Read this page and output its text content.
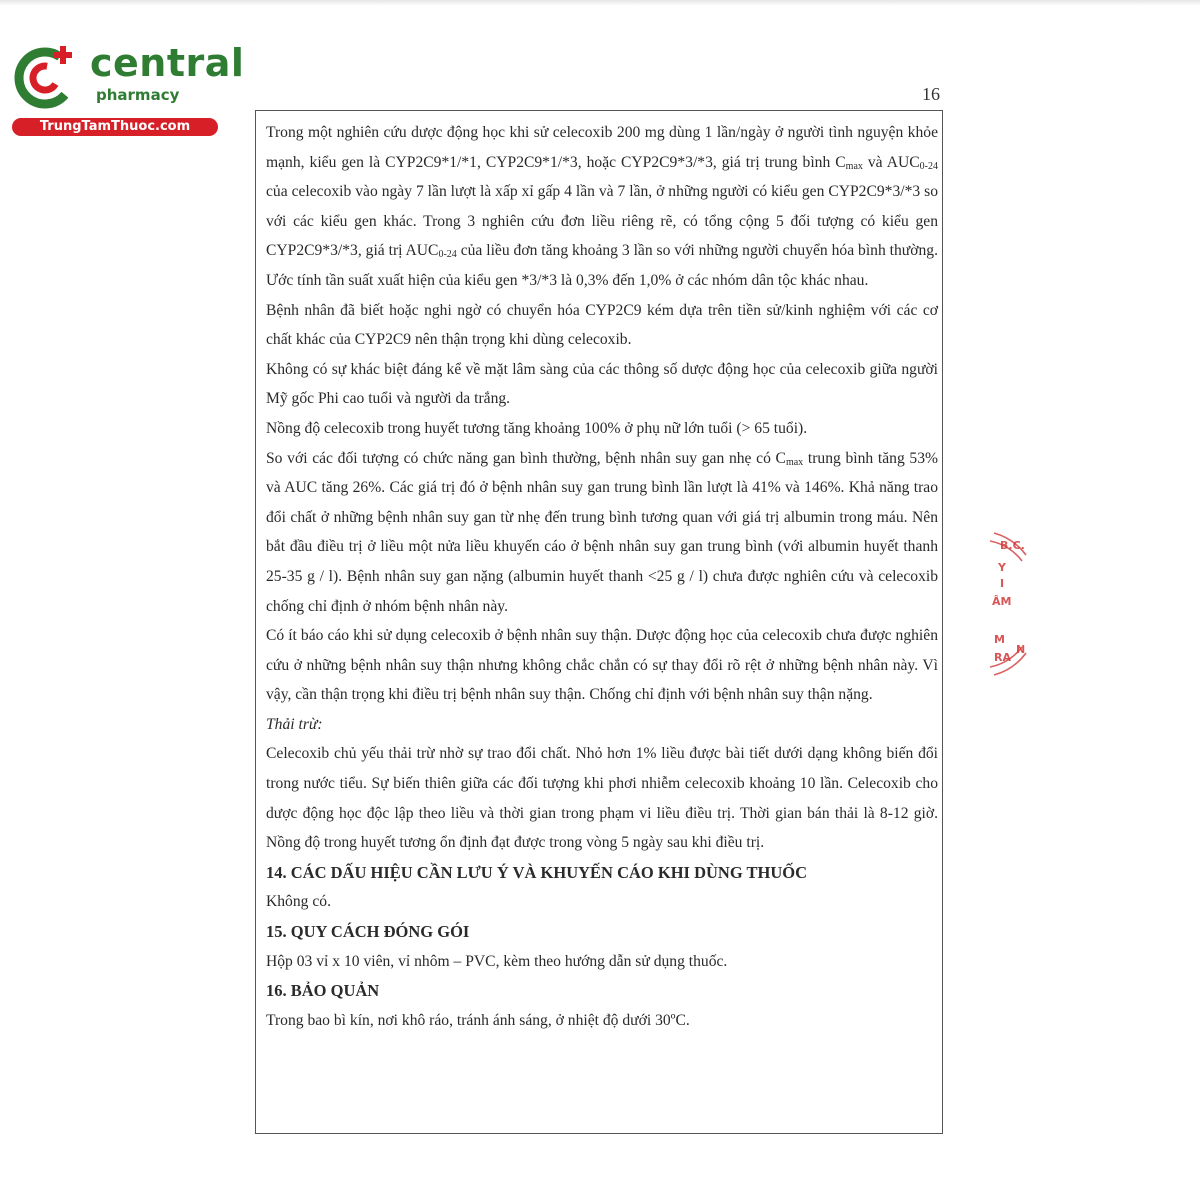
central
pharmacy
TrungTamThuoc.com
16

Trong một nghiên cứu dược động học khi sử celecoxib 200 mg dùng 1 lần/ngày ở người tình nguyện khỏe mạnh, kiểu gen là CYP2C9*1/*1, CYP2C9*1/*3, hoặc CYP2C9*3/*3, giá trị trung bình $C_{max}$ và $AUC_{0-24}$ của celecoxib vào ngày 7 lần lượt là xấp xỉ gấp 4 lần và 7 lần, ở những người có kiểu gen CYP2C9*3/*3 so với các kiểu gen khác. Trong 3 nghiên cứu đơn liều riêng rẽ, có tổng cộng 5 đối tượng có kiểu gen CYP2C9*3/*3, giá trị $AUC_{0-24}$ của liều đơn tăng khoảng 3 lần so với những người chuyển hóa bình thường. Ước tính tần suất xuất hiện của kiểu gen *3/*3 là 0,3% đến 1,0% ở các nhóm dân tộc khác nhau.

Bệnh nhân đã biết hoặc nghi ngờ có chuyển hóa CYP2C9 kém dựa trên tiền sử/kinh nghiệm với các cơ chất khác của CYP2C9 nên thận trọng khi dùng celecoxib.

Không có sự khác biệt đáng kể về mặt lâm sàng của các thông số dược động học của celecoxib giữa người Mỹ gốc Phi cao tuổi và người da trắng.

Nồng độ celecoxib trong huyết tương tăng khoảng 100% ở phụ nữ lớn tuổi (> 65 tuổi).

So với các đối tượng có chức năng gan bình thường, bệnh nhân suy gan nhẹ có $C_{max}$ trung bình tăng 53% và AUC tăng 26%. Các giá trị đó ở bệnh nhân suy gan trung bình lần lượt là 41% và 146%. Khả năng trao đổi chất ở những bệnh nhân suy gan từ nhẹ đến trung bình tương quan với giá trị albumin trong máu. Nên bắt đầu điều trị ở liều một nửa liều khuyến cáo ở bệnh nhân suy gan trung bình (với albumin huyết thanh 25-35 g / l). Bệnh nhân suy gan nặng (albumin huyết thanh <25 g / l) chưa được nghiên cứu và celecoxib chống chỉ định ở nhóm bệnh nhân này.

Có ít báo cáo khi sử dụng celecoxib ở bệnh nhân suy thận. Dược động học của celecoxib chưa được nghiên cứu ở những bệnh nhân suy thận nhưng không chắc chắn có sự thay đổi rõ rệt ở những bệnh nhân này. Vì vậy, cần thận trọng khi điều trị bệnh nhân suy thận. Chống chỉ định với bệnh nhân suy thận nặng.

Thải trừ:

Celecoxib chủ yếu thải trừ nhờ sự trao đổi chất. Nhỏ hơn 1% liều được bài tiết dưới dạng không biến đổi trong nước tiểu. Sự biến thiên giữa các đối tượng khi phơi nhiễm celecoxib khoảng 10 lần. Celecoxib cho dược động học độc lập theo liều và thời gian trong phạm vi liều điều trị. Thời gian bán thải là 8-12 giờ. Nồng độ trong huyết tương ổn định đạt được trong vòng 5 ngày sau khi điều trị.

14. CÁC DẤU HIỆU CẦN LƯU Ý VÀ KHUYẾN CÁO KHI DÙNG THUỐC

Không có.

15. QUY CÁCH ĐÓNG GÓI

Hộp 03 vỉ x 10 viên, vỉ nhôm – PVC, kèm theo hướng dẫn sử dụng thuốc.

16. BẢO QUẢN

Trong bao bì kín, nơi khô ráo, tránh ánh sáng, ở nhiệt độ dưới 30ºC.

B.C.
Y
I
ÂM
M
RA
N
